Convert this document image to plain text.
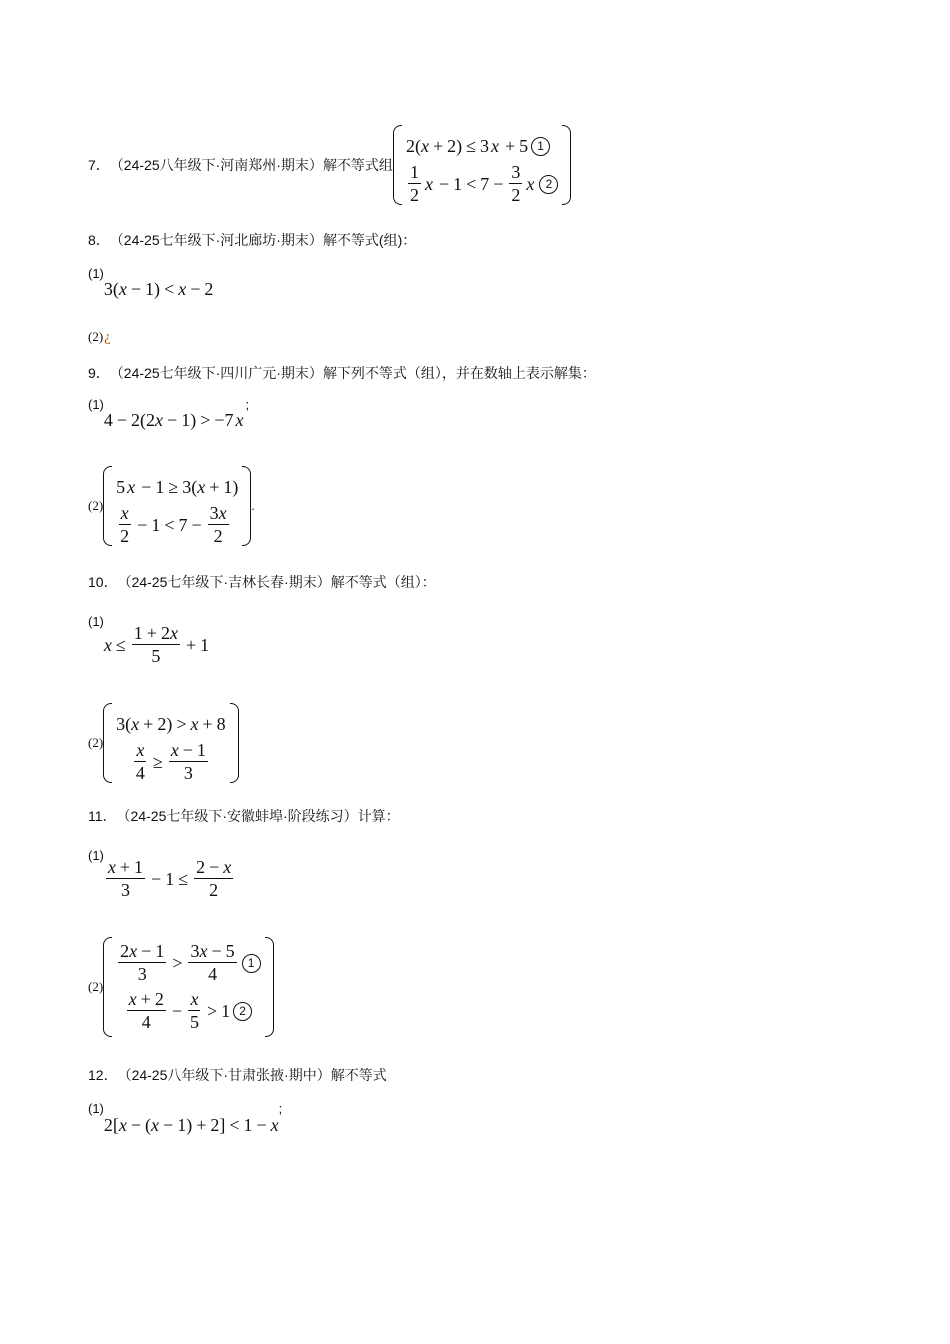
7． （24-25八年级下·河南郑州·期末） 解不等式组
2( x + 2) ≤ 3 x + 5 1
$\frac{1}{2}$ $x - 1 < 7 - \frac{3}{2}$ x 2
8． （24-25七年级下·河北廊坊·期末） 解不等式(组)：
(1)
3( x − 1) < x − 2
(2) ¿
9． （24-25七年级下·四川广元·期末） 解下列不等式（组），并在数轴上表示解集：
(1)
4 − 2(2 x − 1) > −7 x
;
(2)
5 x − 1 ≥ 3( x + 1)
$\frac{x}{2} - 1 < 7 - \frac{3x}{2}$ .
10． （24-25七年级下·吉林长春·期末） 解不等式（组）：
(1)
$x \le \frac{1 + 2x}{5} + 1$
(2)
3( x + 2) > x + 8
$\frac{x}{4} \ge \frac{x - 1}{3}$
11． （24-25七年级下·安徽蚌埠·阶段练习） 计算：
(1)
$\frac{x + 1}{3} - 1 \le \frac{2 - x}{2}$
(2)
$\frac{2x - 1}{3} > \frac{3x - 5}{4} 1$
$\frac{x + 2}{4} - \frac{x}{5} > 1$ 2
12． （24-25八年级下·甘肃张掖·期中） 解不等式
(1)
2[ x − ( x − 1) + 2] < 1 − x
;
